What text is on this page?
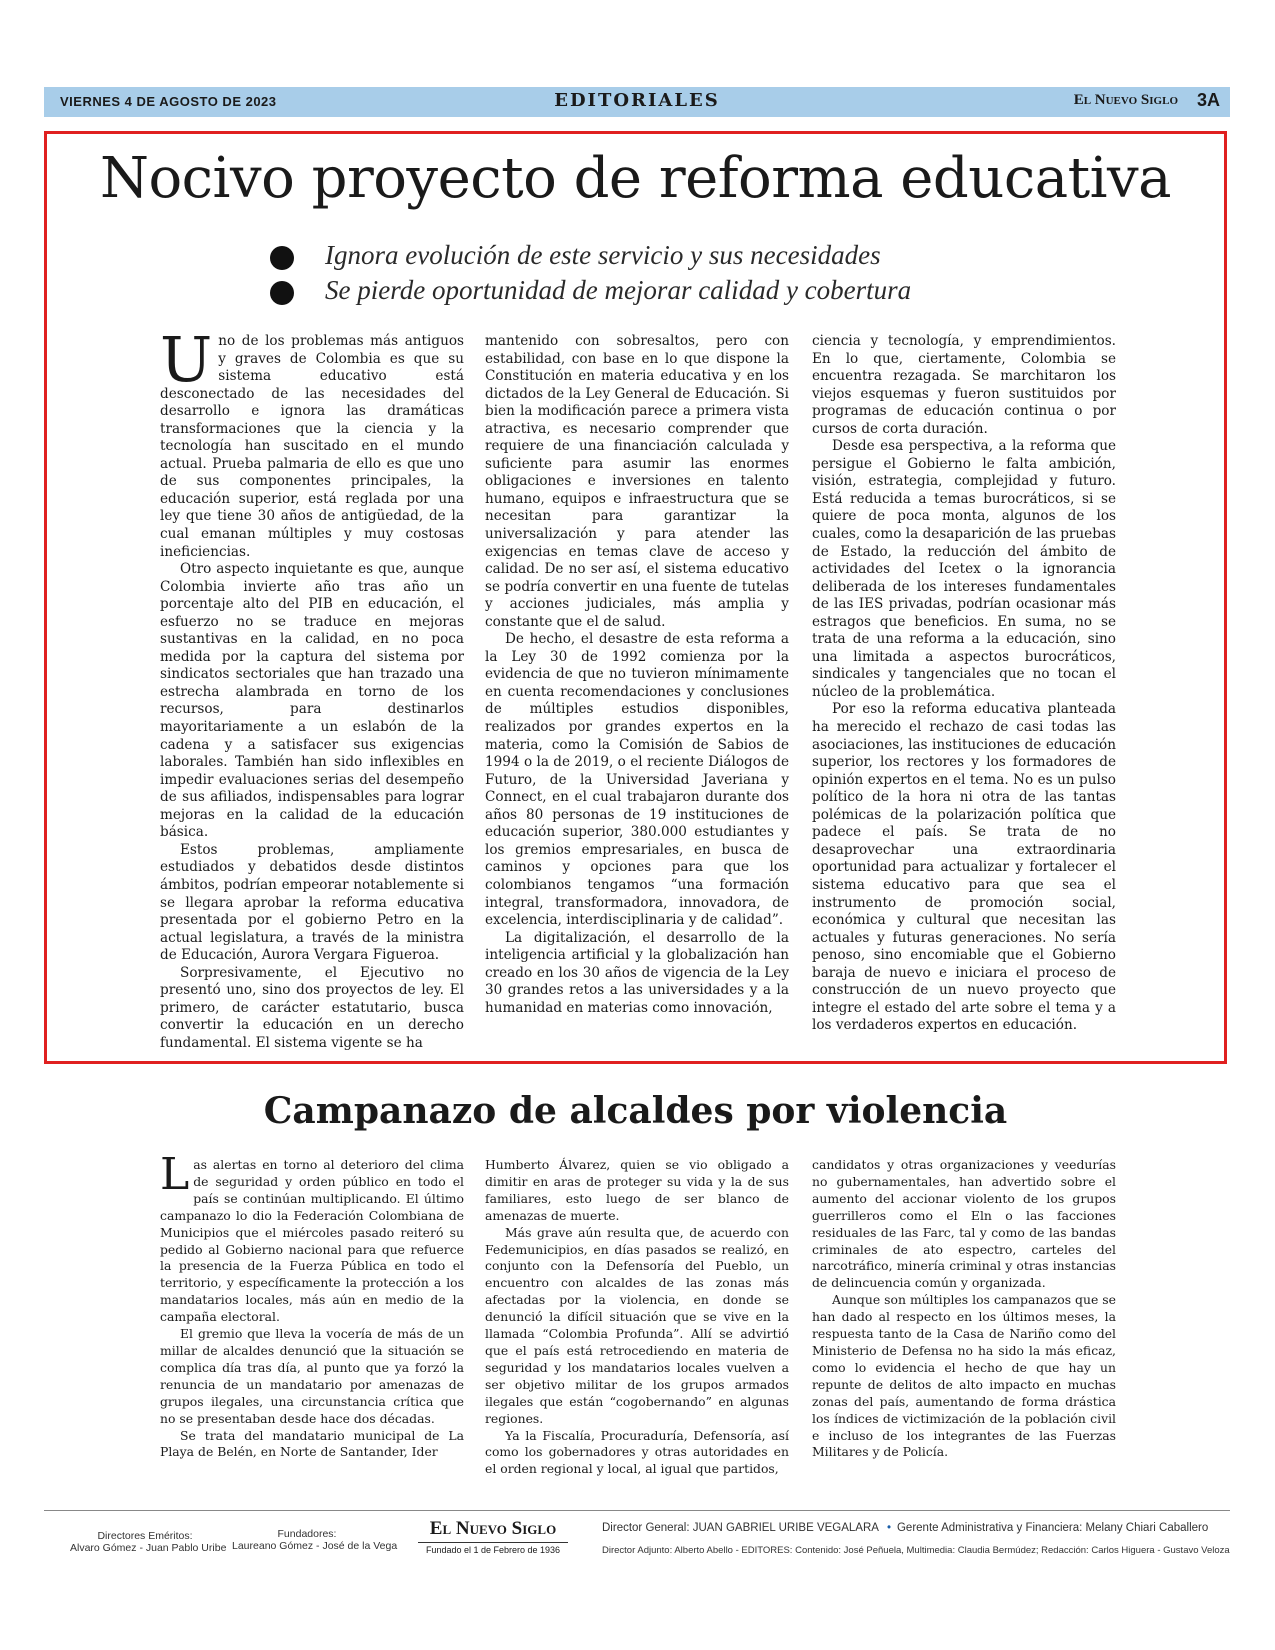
VIERNES 4 DE AGOSTO DE 2023	EDITORIALES	El Nuevo Siglo 3A
Nocivo proyecto de reforma educativa
Ignora evolución de este servicio y sus necesidades
Se pierde oportunidad de mejorar calidad y cobertura

Uno de los problemas más antiguos y graves de Colombia es que su sistema educativo está desconectado de las necesidades del desarrollo e ignora las dramáticas transformaciones que la ciencia y la tecnología han suscitado en el mundo actual. Prueba palmaria de ello es que uno de sus componentes principales, la educación superior, está reglada por una ley que tiene 30 años de antigüedad, de la cual emanan múltiples y muy costosas ineficiencias.

Otro aspecto inquietante es que, aunque Colombia invierte año tras año un porcentaje alto del PIB en educación, el esfuerzo no se traduce en mejoras sustantivas en la calidad, en no poca medida por la captura del sistema por sindicatos sectoriales que han trazado una estrecha alambrada en torno de los recursos, para destinarlos mayoritariamente a un eslabón de la cadena y a satisfacer sus exigencias laborales. También han sido inflexibles en impedir evaluaciones serias del desempeño de sus afiliados, indispensables para lograr mejoras en la calidad de la educación básica.

Estos problemas, ampliamente estudiados y debatidos desde distintos ámbitos, podrían empeorar notablemente si se llegara aprobar la reforma educativa presentada por el gobierno Petro en la actual legislatura, a través de la ministra de Educación, Aurora Vergara Figueroa.

Sorpresivamente, el Ejecutivo no presentó uno, sino dos proyectos de ley. El primero, de carácter estatutario, busca convertir la educación en un derecho fundamental. El sistema vigente se ha

mantenido con sobresaltos, pero con estabilidad, con base en lo que dispone la Constitución en materia educativa y en los dictados de la Ley General de Educación. Si bien la modificación parece a primera vista atractiva, es necesario comprender que requiere de una financiación calculada y suficiente para asumir las enormes obligaciones e inversiones en talento humano, equipos e infraestructura que se necesitan para garantizar la universalización y para atender las exigencias en temas clave de acceso y calidad. De no ser así, el sistema educativo se podría convertir en una fuente de tutelas y acciones judiciales, más amplia y constante que el de salud.

De hecho, el desastre de esta reforma a la Ley 30 de 1992 comienza por la evidencia de que no tuvieron mínimamente en cuenta recomendaciones y conclusiones de múltiples estudios disponibles, realizados por grandes expertos en la materia, como la Comisión de Sabios de 1994 o la de 2019, o el reciente Diálogos de Futuro, de la Universidad Javeriana y Connect, en el cual trabajaron durante dos años 80 personas de 19 instituciones de educación superior, 380.000 estudiantes y los gremios empresariales, en busca de caminos y opciones para que los colombianos tengamos “una formación integral, transformadora, innovadora, de excelencia, interdisciplinaria y de calidad”.

La digitalización, el desarrollo de la inteligencia artificial y la globalización han creado en los 30 años de vigencia de la Ley 30 grandes retos a las universidades y a la humanidad en materias como innovación,

ciencia y tecnología, y emprendimientos. En lo que, ciertamente, Colombia se encuentra rezagada. Se marchitaron los viejos esquemas y fueron sustituidos por programas de educación continua o por cursos de corta duración.

Desde esa perspectiva, a la reforma que persigue el Gobierno le falta ambición, visión, estrategia, complejidad y futuro. Está reducida a temas burocráticos, si se quiere de poca monta, algunos de los cuales, como la desaparición de las pruebas de Estado, la reducción del ámbito de actividades del Icetex o la ignorancia deliberada de los intereses fundamentales de las IES privadas, podrían ocasionar más estragos que beneficios. En suma, no se trata de una reforma a la educación, sino una limitada a aspectos burocráticos, sindicales y tangenciales que no tocan el núcleo de la problemática.

Por eso la reforma educativa planteada ha merecido el rechazo de casi todas las asociaciones, las instituciones de educación superior, los rectores y los formadores de opinión expertos en el tema. No es un pulso político de la hora ni otra de las tantas polémicas de la polarización política que padece el país. Se trata de no desaprovechar una extraordinaria oportunidad para actualizar y fortalecer el sistema educativo para que sea el instrumento de promoción social, económica y cultural que necesitan las actuales y futuras generaciones. No sería penoso, sino encomiable que el Gobierno baraja de nuevo e iniciara el proceso de construcción de un nuevo proyecto que integre el estado del arte sobre el tema y a los verdaderos expertos en educación.

Campanazo de alcaldes por violencia

Las alertas en torno al deterioro del clima de seguridad y orden público en todo el país se continúan multiplicando. El último campanazo lo dio la Federación Colombiana de Municipios que el miércoles pasado reiteró su pedido al Gobierno nacional para que refuerce la presencia de la Fuerza Pública en todo el territorio, y específicamente la protección a los mandatarios locales, más aún en medio de la campaña electoral.

El gremio que lleva la vocería de más de un millar de alcaldes denunció que la situación se complica día tras día, al punto que ya forzó la renuncia de un mandatario por amenazas de grupos ilegales, una circunstancia crítica que no se presentaban desde hace dos décadas.

Se trata del mandatario municipal de La Playa de Belén, en Norte de Santander, Ider

Humberto Álvarez, quien se vio obligado a dimitir en aras de proteger su vida y la de sus familiares, esto luego de ser blanco de amenazas de muerte.

Más grave aún resulta que, de acuerdo con Fedemunicipios, en días pasados se realizó, en conjunto con la Defensoría del Pueblo, un encuentro con alcaldes de las zonas más afectadas por la violencia, en donde se denunció la difícil situación que se vive en la llamada “Colombia Profunda”. Allí se advirtió que el país está retrocediendo en materia de seguridad y los mandatarios locales vuelven a ser objetivo militar de los grupos armados ilegales que están “cogobernando” en algunas regiones.

Ya la Fiscalía, Procuraduría, Defensoría, así como los gobernadores y otras autoridades en el orden regional y local, al igual que partidos,

candidatos y otras organizaciones y veedurías no gubernamentales, han advertido sobre el aumento del accionar violento de los grupos guerrilleros como el Eln o las facciones residuales de las Farc, tal y como de las bandas criminales de ato espectro, carteles del narcotráfico, minería criminal y otras instancias de delincuencia común y organizada.

Aunque son múltiples los campanazos que se han dado al respecto en los últimos meses, la respuesta tanto de la Casa de Nariño como del Ministerio de Defensa no ha sido la más eficaz, como lo evidencia el hecho de que hay un repunte de delitos de alto impacto en muchas zonas del país, aumentando de forma drástica los índices de victimización de la población civil e incluso de los integrantes de las Fuerzas Militares y de Policía.

Directores Eméritos:
Alvaro Gómez - Juan Pablo Uribe
Fundadores:
Laureano Gómez - José de la Vega
El Nuevo Siglo
Fundado el 1 de Febrero de 1936
Director General: JUAN GABRIEL URIBE VEGALARA • Gerente Administrativa y Financiera: Melany Chiari Caballero
Director Adjunto: Alberto Abello - EDITORES: Contenido: José Peñuela, Multimedia: Claudia Bermúdez; Redacción: Carlos Higuera - Gustavo Veloza
